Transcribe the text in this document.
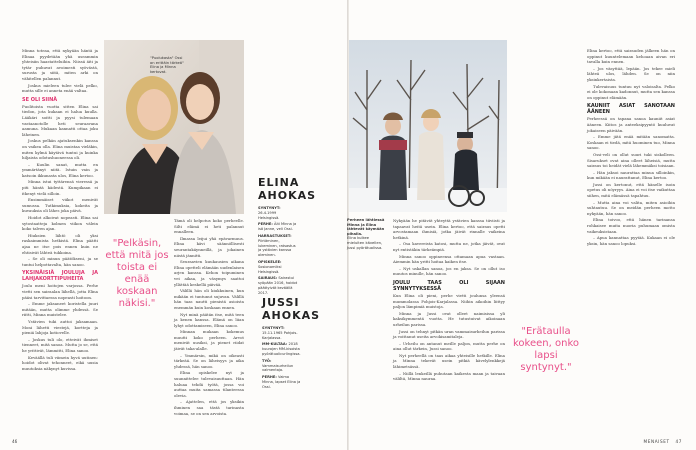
Minna toteaa, että nykyään häntä ja Elinaa pyydetään yhä useammin yhteisiin haastatteluihin. Niissä äiti ja tytär puhuvat avoimesti syövästä, surusta ja siitä, miten arki on vähitellen palannut.

Joskus mieleen tulee vielä pelko, mutta sille ei anneta enää valtaa.

SE OLI SIINÄ

Puolitoista vuotta sitten Elina sai tiedon, jota kukaan ei halua kuulla. Lääkäri soitti ja pyysi tulemaan vastaanotolle heti seuraavana aamuna. Mukaan kannatti ottaa joku läheinen.

Joskus pelkän ajatuksenkin kanssa on vaikea olla. Elina muistaa vieläkin, miten kylmä käytävä tuntui ja kuinka hiljaista odotushuoneessa oli.

– Kuulin sanat, mutta en ymmärtänyt niitä. Istuin vain ja katsoin ikkunasta ulos, Elina kertoo.

Minna istui tyttärensä vieressä ja piti häntä kädestä. Kumpikaan ei itkenyt vielä silloin.

Ensimmäiset viikot menivät sumussa. Tutkimuksia, kokeita ja kuvauksia oli lähes joka päivä.

Hoidot alkoivat nopeasti. Elina sai sytostaatteja kolmen viikon välein koko talven ajan.

Hiuksien lähtö oli yksi raskaimmista hetkistä. Elina päätti ajaa ne itse pois ennen kuin ne ehtisivät lähteä tukkoina.

– Se oli minun päätökseni, ja se tuntui helpottavalta, hän sanoo.

YKSINÄISIÄ JOULUJA JA LAHJAKORTTIPUHEITA

Joulu meni hoitojen varjossa. Perhe vietti sen sairaalan lähellä, jotta Elina pääsi tarvittaessa nopeasti hoitoon.

– Emme jaksaneet koristella juuri mitään, mutta olimme yhdessä. Se riitti, Minna muistelee.

Ystävien tuki auttoi jaksamaan. Moni lähetti viestejä, kortteja ja pieniä lahjoja kotiovelle.

– Joskus tuli olo, etteivät ihmiset tienneet, mitä sanoa. Mutta jo se, että he yrittivät, lämmitti, Elina sanoo.

Keväällä tuli viimein hyvä uutinen: hoidot olivat tehonneet, eikä uusia muutoksia näkynyt kuvissa.

"Puolukasta" Ossi on erittäin tärkeä" Elina ja Minna kertovat.

Tämä oli helpotus koko perheelle. Silti elämä ei heti palannut ennalleen.

Ilmassa leijui yhä epävarmuus. Elina kävi säännöllisesti seurantakäynneillä, ja jokainen niistä jännitti.

Seuraavien kuukausien aikana Elina opetteli elämään uudenlaisen arjen kanssa. Kehon toipuminen vei aikaa, ja väsymys saattoi yllättää keskellä päivää.

Välillä hän oli kiukkuinen, kun mikään ei tuntunut sujuvan. Välillä hän taas nautti pienistä asioista enemmän kuin koskaan ennen.

Nyt minä päätän itse, mitä teen ja kenen kanssa. Elämä on liian lyhyt odottamiseen, Elina sanoo.

Minnan mukaan kokemus muutti koko perheen. Arvot menivät uusiksi, ja pienet riidat jäivät taka-alalle.

– Ymmärsin, mikä on oikeasti tärkeää. Se on läheisyys ja aika yhdessä, hän sanoo.

Elina opiskelee nyt ja suunnittelee tulevaisuuttaan. Hän haluaa tehdä työtä, jossa voi auttaa muita samassa tilanteessa olevia.

– Ajattelen, että jos yksikin ihminen saa tästä tarinasta voimaa, se on sen arvoista.

"Pelkäsin, että mitä jos toista ei enää koskaan näkisi."
ELINA
AHOKAS
SYNTYNYT: 26.4.1999 Helsingissä.
PERHE: Äiti Minna ja isä Janne, veli Ossi.
HARRASTUKSET: Piirtäminen, lukeminen, ratsastus ja ystävien kanssa oleminen.
OPISKELEE: Sosionomiksi Helsingissä.
SAIRAUS: Sairastui syöpään 2016, hoidot päättyivät keväällä 2017.
JUSSI
AHOKAS
SYNTYNYT: 15.11.1965 Pohjois-Karjalassa.
MM-KULTAA: 2018 kuurojen MM-kisoista pyörätuolicurlingissa.
TYÖ: Vammaisurheilun valmentaja.
PERHE: Vaimo Minna, lapset Elina ja Ossi.
46
Perheen lähtiessä Minna ja Elina lähtevät käymään pihalla.
Elina kulkee mieluiten kävellen, Jussi pyörätuolissa.

Nykyään he pitävät yhteyttä ystävien kanssa tiiviisti ja tapaavat heitä usein. Elina kertoo, että sairaus opetti arvostamaan ihmisiä, jotka jäivät rinnalle vaikeina hetkinä.

– Osa kavereista katosi, mutta ne, jotka jäivät, ovat nyt entistäkin tärkeämpiä.

Minna sanoo oppineensa ottamaan apua vastaan. Aiemmin hän yritti hoitaa kaiken itse.

– Nyt uskallan sanoa, jos en jaksa. Se on ollut iso muutos minulle, hän sanoo.

JOULU TAAS OLI SIJAAN SYNNYTYKSESSÄ

Kun Elina oli pieni, perhe vietti joulunsa yleensä mummolassa Pohjois-Karjalassa. Niihin aikoihin liittyy paljon lämpimiä muistoja.

Minna ja Jussi ovat olleet naimisissa yli kaksikymmentä vuotta. He tutustuivat aikoinaan urheilun parissa.

Jussi on tehnyt pitkän uran vammaisurheilun parissa ja voittanut useita arvokisamitaleja.

– Urheilu on antanut meille paljon, mutta perhe on aina ollut tärkein, Jussi sanoo.

Nyt perheellä on taas aikaa yhteisille hetkille. Elina ja Minna tekevät usein pitkiä kävelylenkkejä lähimetsässä.

– Niillä lenkeillä puhutaan kaikesta maan ja taivaan väliltä, Minna nauraa.

"Erätaulla kokeen, onko lapsi syntynyt."

Elina kertoo, että sairauden jälkeen hän on oppinut kuuntelemaan kehoaan aivan eri tavalla kuin ennen.

– Jos väsyttää, lepään. Jos tekee mieli lähteä ulos, lähden. Se on niin yksinkertaista.

Tulevaisuus tuntuu nyt valoisalta. Pelko ei ole kokonaan kadonnut, mutta sen kanssa on oppinut elämään.

KAUNIIT ASIAT SANOTAAN ÄÄNEEN

Perheessä on tapana sanoa kauniit asiat ääneen. Kiitos ja anteeksipyyntö kuuluvat jokaiseen päivään.

– Emme jätä enää mitään sanomatta. Koskaan ei tiedä, mitä huominen tuo, Minna sanoo.

Ossi-veli on ollut suuri tuki siskolleen. Sisarukset ovat aina olleet läheisiä, mutta sairaus toi heidät vielä lähemmäksi toisiaan.

– Hän jaksoi naurattaa minua silloinkin, kun mikään ei naurattanut, Elina kertoo.

Jussi on kertonut, että hänelle isoin opetus oli nöyryys. Aina ei voi itse vaikuttaa siihen, mitä elämässä tapahtuu.

– Mutta aina voi valita, miten asioihin suhtautuu. Se on meidän perheen motto nykyään, hän sanoo.

Elina toivoo, että hänen tarinansa rohkaisee muita nuoria puhumaan omista vaikeuksistaan.

– Apua kannattaa pyytää. Kukaan ei ole yksin, hän sanoo lopuksi.

MENAISET 47
